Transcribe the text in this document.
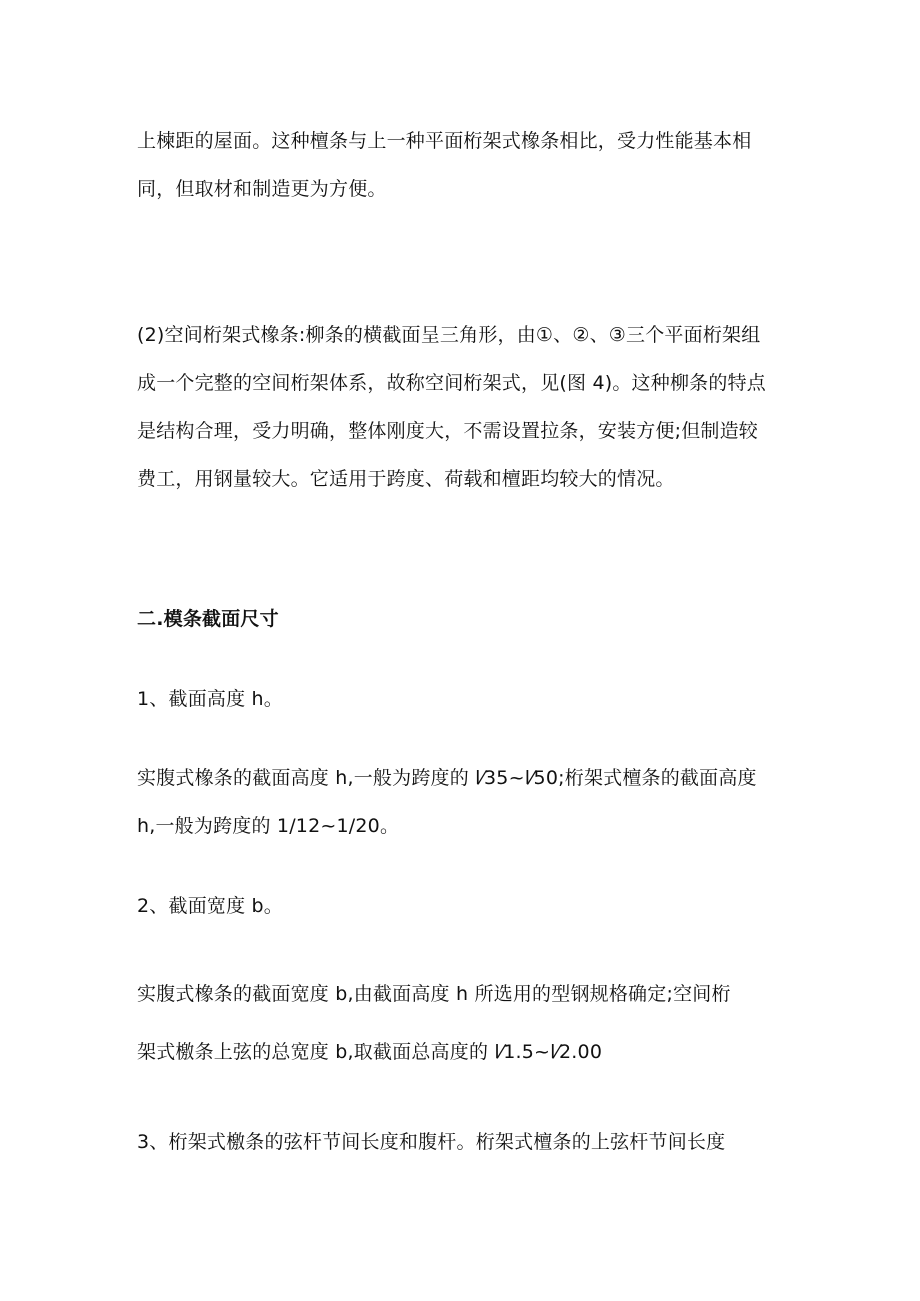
上楝距的屋面。这种檀条与上一种平面桁架式橡条相比，受力性能基本相
同，但取材和制造更为方便。
(2)空间桁架式橡条:柳条的横截面呈三角形，由①、②、③三个平面桁架组
成一个完整的空间桁架体系，故称空间桁架式，见(图 4)。这种柳条的特点
是结构合理，受力明确，整体刚度大，不需设置拉条，安装方便;但制造较
费工，用钢量较大。它适用于跨度、荷载和檀距均较大的情况。
二.模条截面尺寸
1、截面高度 h。
实腹式橡条的截面高度 h,一般为跨度的 l⁄35~l⁄50;桁架式檀条的截面高度
h,一般为跨度的 1/12~1/20。
2、截面宽度 b。
实腹式橡条的截面宽度 b,由截面高度 h 所选用的型钢规格确定;空间桁
架式檄条上弦的总宽度 b,取截面总高度的 l⁄1.5~l⁄2.00
3、桁架式檄条的弦杆节间长度和腹杆。桁架式檀条的上弦杆节间长度
